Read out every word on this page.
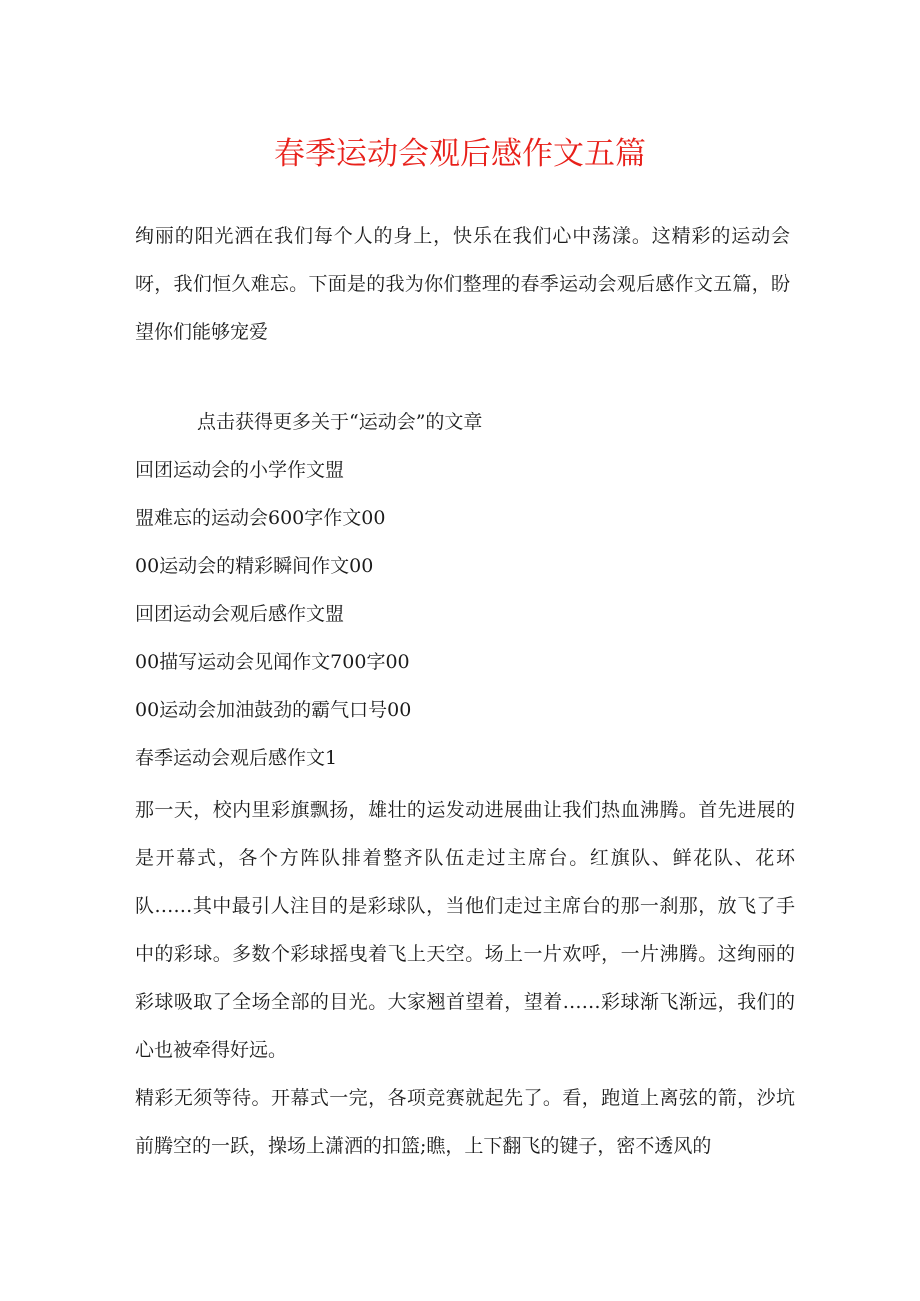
春季运动会观后感作文五篇

绚丽的阳光洒在我们每个人的身上，快乐在我们心中荡漾。这精彩的运动会呀，我们恒久难忘。下面是的我为你们整理的春季运动会观后感作文五篇，盼望你们能够宠爱

点击获得更多关于“运动会”的文章

回团运动会的小学作文盟
盟难忘的运动会600字作文00
00运动会的精彩瞬间作文00
回团运动会观后感作文盟
00描写运动会见闻作文700字00
00运动会加油鼓劲的霸气口号00
春季运动会观后感作文1

那一天，校内里彩旗飘扬，雄壮的运发动进展曲让我们热血沸腾。首先进展的是开幕式，各个方阵队排着整齐队伍走过主席台。红旗队、鲜花队、花环队……其中最引人注目的是彩球队，当他们走过主席台的那一刹那，放飞了手中的彩球。多数个彩球摇曳着飞上天空。场上一片欢呼，一片沸腾。这绚丽的彩球吸取了全场全部的目光。大家翘首望着，望着……彩球渐飞渐远，我们的心也被牵得好远。

精彩无须等待。开幕式一完，各项竞赛就起先了。看，跑道上离弦的箭，沙坑前腾空的一跃，操场上潇洒的扣篮;瞧，上下翻飞的键子，密不透风的
